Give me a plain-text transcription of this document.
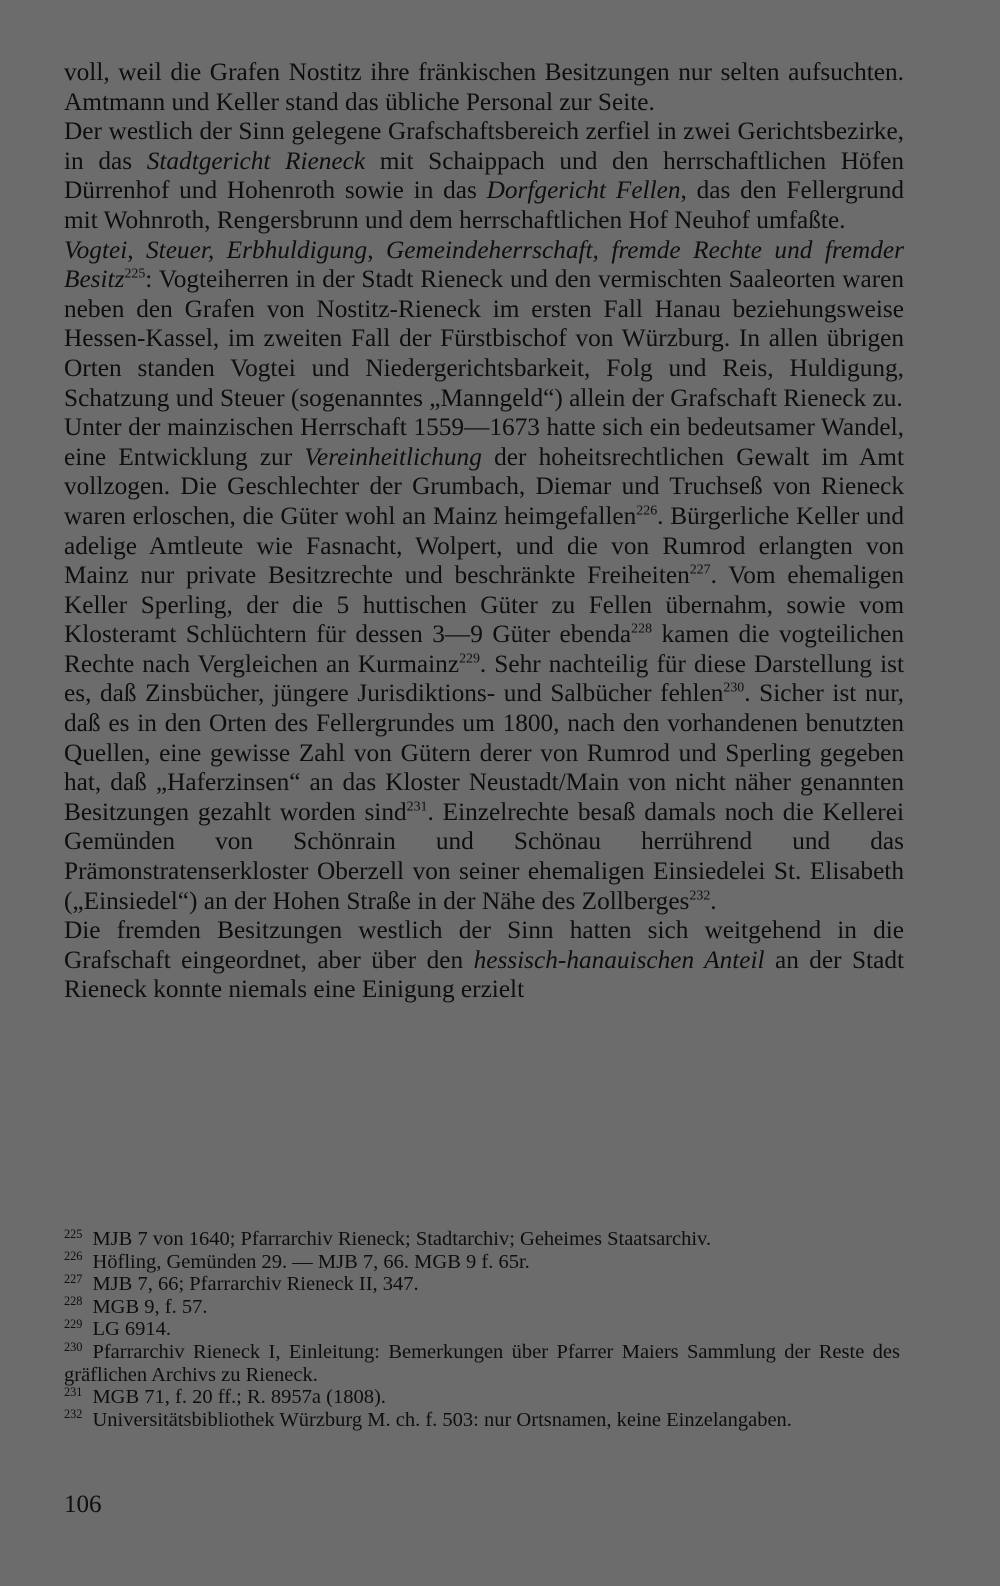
voll, weil die Grafen Nostitz ihre fränkischen Besitzungen nur selten aufsuchten. Amtmann und Keller stand das übliche Personal zur Seite.

Der westlich der Sinn gelegene Grafschaftsbereich zerfiel in zwei Gerichtsbezirke, in das Stadtgericht Rieneck mit Schaippach und den herrschaftlichen Höfen Dürrenhof und Hohenroth sowie in das Dorfgericht Fellen, das den Fellergrund mit Wohnroth, Rengersbrunn und dem herrschaftlichen Hof Neuhof umfaßte.

Vogtei, Steuer, Erbhuldigung, Gemeindeherrschaft, fremde Rechte und fremder Besitz$^{225}$: Vogteiherren in der Stadt Rieneck und den vermischten Saaleorten waren neben den Grafen von Nostitz-Rieneck im ersten Fall Hanau beziehungsweise Hessen-Kassel, im zweiten Fall der Fürstbischof von Würzburg. In allen übrigen Orten standen Vogtei und Niedergerichtsbarkeit, Folg und Reis, Huldigung, Schatzung und Steuer (sogenanntes „Manngeld“) allein der Grafschaft Rieneck zu.

Unter der mainzischen Herrschaft 1559—1673 hatte sich ein bedeutsamer Wandel, eine Entwicklung zur Vereinheitlichung der hoheitsrechtlichen Gewalt im Amt vollzogen. Die Geschlechter der Grumbach, Diemar und Truchseß von Rieneck waren erloschen, die Güter wohl an Mainz heimgefallen$^{226}$. Bürgerliche Keller und adelige Amtleute wie Fasnacht, Wolpert, und die von Rumrod erlangten von Mainz nur private Besitzrechte und beschränkte Freiheiten$^{227}$. Vom ehemaligen Keller Sperling, der die 5 huttischen Güter zu Fellen übernahm, sowie vom Klosteramt Schlüchtern für dessen 3—9 Güter ebenda$^{228}$ kamen die vogteilichen Rechte nach Vergleichen an Kurmainz$^{229}$. Sehr nachteilig für diese Darstellung ist es, daß Zinsbücher, jüngere Jurisdiktions- und Salbücher fehlen$^{230}$. Sicher ist nur, daß es in den Orten des Fellergrundes um 1800, nach den vorhandenen benutzten Quellen, eine gewisse Zahl von Gütern derer von Rumrod und Sperling gegeben hat, daß „Haferzinsen“ an das Kloster Neustadt/Main von nicht näher genannten Besitzungen gezahlt worden sind$^{231}$. Einzelrechte besaß damals noch die Kellerei Gemünden von Schönrain und Schönau herrührend und das Prämonstratenserkloster Oberzell von seiner ehemaligen Einsiedelei St. Elisabeth („Einsiedel“) an der Hohen Straße in der Nähe des Zollberges$^{232}$.

Die fremden Besitzungen westlich der Sinn hatten sich weitgehend in die Grafschaft eingeordnet, aber über den hessisch-hanauischen Anteil an der Stadt Rieneck konnte niemals eine Einigung erzielt

$^{225}$ MJB 7 von 1640; Pfarrarchiv Rieneck; Stadtarchiv; Geheimes Staatsarchiv.

$^{226}$ Höfling, Gemünden 29. — MJB 7, 66. MGB 9 f. 65r.

$^{227}$ MJB 7, 66; Pfarrarchiv Rieneck II, 347.

$^{228}$ MGB 9, f. 57.

$^{229}$ LG 6914.

$^{230}$ Pfarrarchiv Rieneck I, Einleitung: Bemerkungen über Pfarrer Maiers Sammlung der Reste des gräflichen Archivs zu Rieneck.

$^{231}$ MGB 71, f. 20 ff.; R. 8957a (1808).

$^{232}$ Universitätsbibliothek Würzburg M. ch. f. 503: nur Ortsnamen, keine Einzelangaben.

106
